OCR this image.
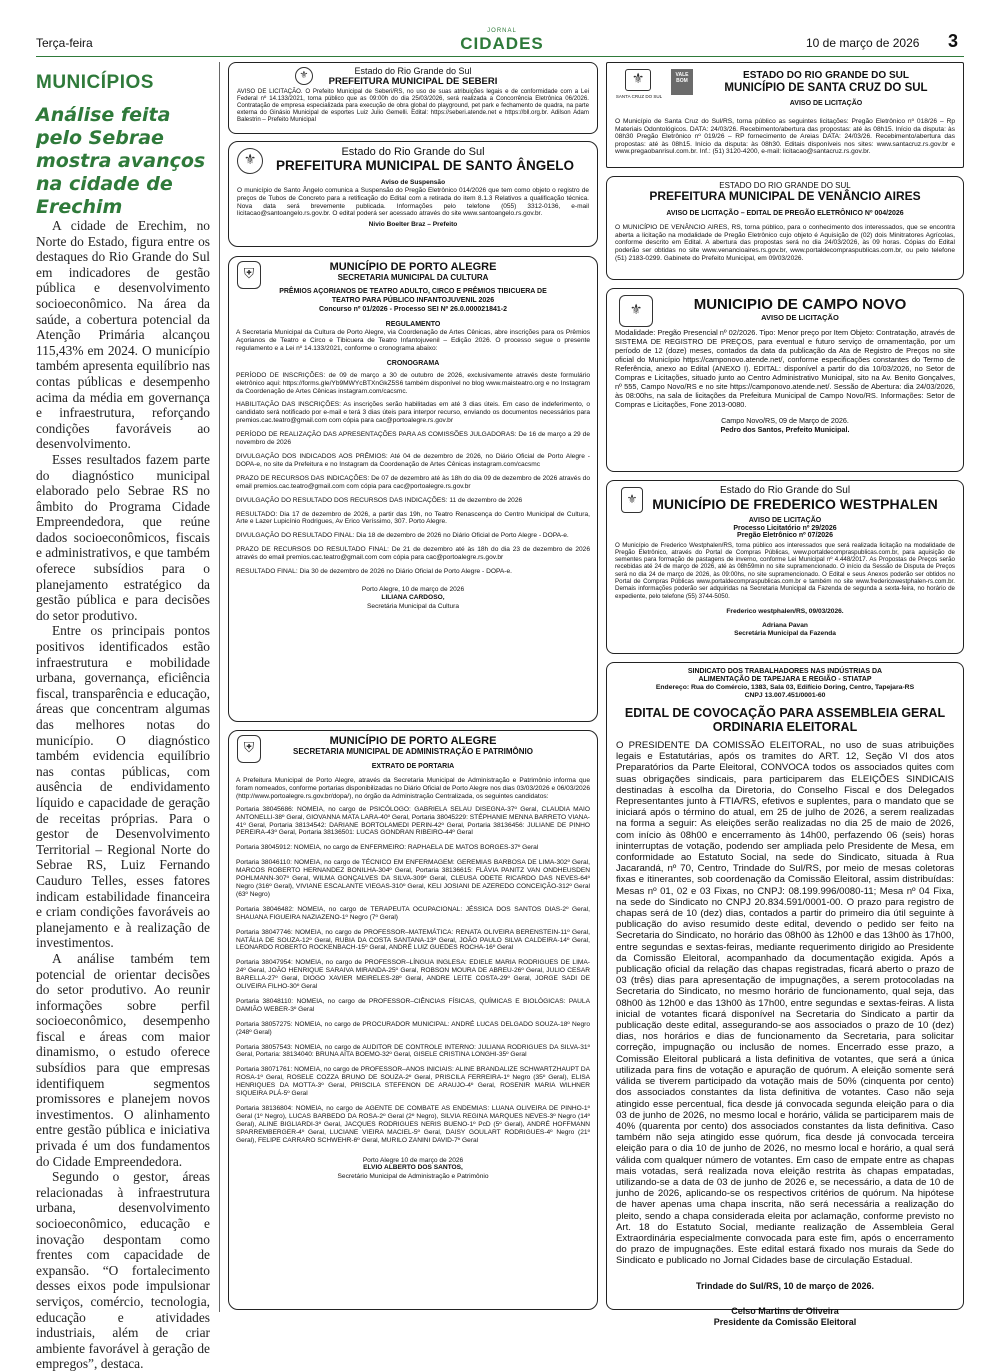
Terça-feira
JORNAL
CIDADES	10 de março de 2026 3
MUNICÍPIOS
Análise feita pelo Sebrae mostra avanços na cidade de Erechim

A cidade de Erechim, no Norte do Estado, figura entre os destaques do Rio Grande do Sul em indicadores de gestão pública e desenvolvimento socioeconômico. Na área da saúde, a cobertura potencial da Atenção Primária alcançou 115,43% em 2024. O município também apresenta equilíbrio nas contas públicas e desempenho acima da média em governança e infraestrutura, reforçando condições favoráveis ao desenvolvimento.

Esses resultados fazem parte do diagnóstico municipal elaborado pelo Sebrae RS no âmbito do Programa Cidade Empreendedora, que reúne dados socioeconômicos, fiscais e administrativos, e que também oferece subsídios para o planejamento estratégico da gestão pública e para decisões do setor produtivo.

Entre os principais pontos positivos identificados estão infraestrutura e mobilidade urbana, governança, eficiência fiscal, transparência e educação, áreas que concentram algumas das melhores notas do município. O diagnóstico também evidencia equilíbrio nas contas públicas, com ausência de endividamento líquido e capacidade de geração de receitas próprias. Para o gestor de Desenvolvimento Territorial – Regional Norte do Sebrae RS, Luiz Fernando Cauduro Telles, esses fatores indicam estabilidade financeira e criam condições favoráveis ao planejamento e à realização de investimentos.

A análise também tem potencial de orientar decisões do setor produtivo. Ao reunir informações sobre perfil socioeconômico, desempenho fiscal e áreas com maior dinamismo, o estudo oferece subsídios para que empresas identifiquem segmentos promissores e planejem novos investimentos. O alinhamento entre gestão pública e iniciativa privada é um dos fundamentos do Cidade Empreendedora.

Segundo o gestor, áreas relacionadas à infraestrutura urbana, desenvolvimento socioeconômico, educação e inovação despontam como frentes com capacidade de expansão. “O fortalecimento desses eixos pode impulsionar serviços, comércio, tecnologia, educação e atividades industriais, além de criar ambiente favorável à geração de empregos”, destaca.

⚜	Estado do Rio Grande do Sul
PREFEITURA MUNICIPAL DE SEBERI
AVISO DE LICITAÇÃO. O Prefeito Municipal de Seberi/RS, no uso de suas atribuições legais e de conformidade com a Lei Federal nº 14.133/2021, torna público que as 09:00h do dia 25/03/2026, será realizada a Concorrência Eletrônica 06/2026. Contratação de empresa especializada para execução de obra global do playground, pet park e fechamento de quadra, na parte externa do Ginásio Municipal de esportes Luiz Julio Gemelli. Edital: https://seberi.atende.net e https://bll.org.br. Adilson Adam Balestrin – Prefeito Municipal
⚜
Estado do Rio Grande do Sul
PREFEITURA MUNICIPAL DE SANTO ÂNGELO
Aviso de Suspensão
O município de Santo Ângelo comunica a Suspensão do Pregão Eletrônico 014/2026 que tem como objeto o registro de preços de Tubos de Concreto para a retificação do Edital com a retirada do item 8.1.3 Relativos a qualificação técnica. Nova data será brevemente publicada. Informações pelo telefone (055) 3312-0136, e-mail licitacao@santoangelo.rs.gov.br. O edital poderá ser acessado através do site www.santoangelo.rs.gov.br.
Nivio Boelter Braz – Prefeito
⛨	MUNICÍPIO DE PORTO ALEGRE
SECRETARIA MUNICIPAL DA CULTURA
PRÊMIOS AÇORIANOS DE TEATRO ADULTO, CIRCO E PRÊMIOS TIBICUERA DE TEATRO PARA PÚBLICO INFANTOJUVENIL 2026
Concurso nº 01/2026 - Processo SEI Nº 26.0.000021841-2
REGULAMENTO
A Secretaria Municipal da Cultura de Porto Alegre, via Coordenação de Artes Cênicas, abre inscrições para os Prêmios Açorianos de Teatro e Circo e Tibicuera de Teatro Infantojuvenil – Edição 2026. O processo segue o presente regulamento e a Lei nº 14.133/2021, conforme o cronograma abaixo:
CRONOGRAMA
PERÍODO DE INSCRIÇÕES: de 09 de março a 30 de outubro de 2026, exclusivamente através deste formulário eletrônico aqui: https://forms.gle/Yb9MWYcBTXnGkZ5S6 também disponível no blog www.maisteatro.org e no Instagram da Coordenação de Artes Cênicas instagram.com/cacsmc.
HABILITAÇÃO DAS INSCRIÇÕES: As inscrições serão habilitadas em até 3 dias úteis. Em caso de indeferimento, o candidato será notificado por e-mail e terá 3 dias úteis para interpor recurso, enviando os documentos necessários para premios.cac.teatro@gmail.com com cópia para cac@portoalegre.rs.gov.br
PERÍODO DE REALIZAÇÃO DAS APRESENTAÇÕES PARA AS COMISSÕES JULGADORAS: De 16 de março a 29 de novembro de 2026
DIVULGAÇÃO DOS INDICADOS AOS PRÊMIOS: Até 04 de dezembro de 2026, no Diário Oficial de Porto Alegre - DOPA-e, no site da Prefeitura e no Instagram da Coordenação de Artes Cênicas instagram.com/cacsmc
PRAZO DE RECURSOS DAS INDICAÇÕES: De 07 de dezembro até às 18h do dia 09 de dezembro de 2026 através do email premios.cac.teatro@gmail.com com cópia para cac@portoalegre.rs.gov.br
DIVULGAÇÃO DO RESULTADO DOS RECURSOS DAS INDICAÇÕES: 11 de dezembro de 2026
RESULTADO: Dia 17 de dezembro de 2026, a partir das 19h, no Teatro Renascença do Centro Municipal de Cultura, Arte e Lazer Lupicínio Rodrigues, Av Erico Veríssimo, 307. Porto Alegre.
DIVULGAÇÃO DO RESULTADO FINAL: Dia 18 de dezembro de 2026 no Diário Oficial de Porto Alegre - DOPA-e.
PRAZO DE RECURSOS DO RESULTADO FINAL: De 21 de dezembro até às 18h do dia 23 de dezembro de 2026 através do email premios.cac.teatro@gmail.com com cópia para cac@portoalegre.rs.gov.br
RESULTADO FINAL: Dia 30 de dezembro de 2026 no Diário Oficial de Porto Alegre - DOPA-e.
Porto Alegre, 10 de março de 2026
LILIANA CARDOSO,
Secretária Municipal da Cultura
⛨	MUNICÍPIO DE PORTO ALEGRE
SECRETARIA MUNICIPAL DE ADMINISTRAÇÃO E PATRIMÔNIO
EXTRATO DE PORTARIA
A Prefeitura Municipal de Porto Alegre, através da Secretaria Municipal de Administração e Patrimônio informa que foram nomeados, conforme portarias disponibilizadas no Diário Oficial de Porto Alegre nos dias 03/03/2026 e 06/03/2026 (http://www.portoalegre.rs.gov.br/dopa/), no órgão da Administração Centralizada, os seguintes candidatos:
Portaria 38045686: NOMEIA, no cargo de PSICÓLOGO: GABRIELA SELAU DISEGNA-37º Geral, CLAUDIA MAIO ANTONELLI-38º Geral, GIOVANNA MATA LARA-40º Geral, Portaria 38045229: STÉPHANIE MENNA BARRETO VIANA-41º Geral, Portaria 38134542: DARIANE BORTOLAMEDI PERIN-42º Geral, Portaria 38136456: JULIANE DE PINHO PEREIRA-43º Geral, Portaria 38136501: LUCAS GONDRAN RIBEIRO-44º Geral
Portaria 38045912: NOMEIA, no cargo de ENFERMEIRO: RAPHAELA DE MATOS BORGES-37º Geral
Portaria 38046110: NOMEIA, no cargo de TÉCNICO EM ENFERMAGEM: GEREMIAS BARBOSA DE LIMA-302º Geral, MARCOS ROBERTO HERNANDEZ BONILHA-304º Geral, Portaria 38136615: FLÁVIA PANITZ VAN ONDHEUSDEN POHLMANN-307º Geral, WILMA GONÇALVES DA SILVA-309º Geral, CLEUSA ODETE RICARDO DAS NEVES-64º Negro (316º Geral), VIVIANE ESCALANTE VIEGAS-310º Geral, KELI JOSIANI DE AZEREDO CONCEIÇÃO-312º Geral (63º Negro)
Portaria 38046482: NOMEIA, no cargo de TERAPEUTA OCUPACIONAL: JÉSSICA DOS SANTOS DIAS-2º Geral, SHAUANA FIGUEIRA NAZIAZENO-1º Negro (7º Geral)
Portaria 38047746: NOMEIA, no cargo de PROFESSOR–MATEMÁTICA: RENATA OLIVEIRA BERENSTEIN-11º Geral, NATÁLIA DE SOUZA-12º Geral, RUBIA DA COSTA SANTANA-13º Geral, JOÃO PAULO SILVA CALDEIRA-14º Geral, LEONARDO ROBERTO ROCKENBACH-15º Geral, ANDRÉ LUIZ GUEDES ROCHA-16º Geral
Portaria 38047954: NOMEIA, no cargo de PROFESSOR–LÍNGUA INGLESA: EDIELE MARIA RODRIGUES DE LIMA-24º Geral, JOÃO HENRIQUE SARAIVA MIRANDA-25º Geral, ROBSON MOURA DE ABREU-26º Geral, JULIO CESAR BARELLA-27º Geral, DIOGO XAVIER MEIRELES-28º Geral, ANDRE LEITE COSTA-29º Geral, JORGE SADI DE OLIVEIRA FILHO-30º Geral
Portaria 38048110: NOMEIA, no cargo de PROFESSOR–CIÊNCIAS FÍSICAS, QUÍMICAS E BIOLÓGICAS: PAULA DAMIÃO WEBER-3º Geral
Portaria 38057275: NOMEIA, no cargo de PROCURADOR MUNICIPAL: ANDRÉ LUCAS DELGADO SOUZA-18º Negro (248º Geral)
Portaria 38057543: NOMEIA, no cargo de AUDITOR DE CONTROLE INTERNO: JULIANA RODRIGUES DA SILVA-31º Geral, Portaria: 38134040: BRUNA AITA BOEMO-32º Geral, GISELE CRISTINA LONGHI-35º Geral
Portaria 38071761: NOMEIA, no cargo de PROFESSOR–ANOS INICIAIS: ALINE BRANDALIZE SCHWARTZHAUPT DA ROSA-1º Geral, ROSELE COZZA BRUNO DE SOUZA-2º Geral, PRISCILA FERREIRA-1º Negro (35º Geral), ELISA HENRIQUES DA MOTTA-3º Geral, PRISCILA STEFENON DE ARAUJO-4º Geral, ROSENIR MARIA WILHNER SIQUEIRA PLÁ-5º Geral
Portaria 38136804: NOMEIA, no cargo de AGENTE DE COMBATE AS ENDEMIAS: LUANA OLIVEIRA DE PINHO-1º Geral (1º Negro), LUCAS BARBEDO DA ROSA-2º Geral (2º Negro), SILVIA REGINA MARQUES NEVES-3º Negro (14º Geral), ALINE BIGLIARDI-3º Geral, JACQUES RODRIGUES NERIS BUENO-1º PcD (5º Geral), ANDRÉ HOFFMANN SPARREMBERGER-4º Geral, LUCIANE VIEIRA MACIEL-5º Geral, DAISY GOULART RODRIGUES-4º Negro (21º Geral), FELIPE CARRARO SCHWEHR-6º Geral, MURILO ZANINI DAVID-7º Geral
Porto Alegre 10 de março de 2026
ELVIO ALBERTO DOS SANTOS,
Secretário Municipal de Administração e Patrimônio
⚜
SANTA CRUZ DO SUL
VALE BOM	ESTADO DO RIO GRANDE DO SUL
MUNICÍPIO DE SANTA CRUZ DO SUL
AVISO DE LICITAÇÃO
O Município de Santa Cruz do Sul/RS, torna público as seguintes licitações: Pregão Eletrônico nº 018/26 – Rp Materiais Odontológicos. DATA: 24/03/26. Recebimento/abertura das propostas: até às 08h15. Início da disputa: às 08h30 Pregão Eletrônico nº 019/26 – RP fornecimento de Areias DATA: 24/03/26. Recebimento/abertura das propostas: até às 08h15. Início da disputa: às 08h30. Editais disponíveis nos sites: www.santacruz.rs.gov.br e www.pregaobanrisul.com.br. Inf.: (51) 3120-4200, e-mail: licitacao@santacruz.rs.gov.br.
ESTADO DO RIO GRANDE DO SUL
PREFEITURA MUNICIPAL DE VENÂNCIO AIRES
AVISO DE LICITAÇÃO – EDITAL DE PREGÃO ELETRÔNICO Nº 004/2026
O MUNICÍPIO DE VENÂNCIO AIRES, RS, torna público, para o conhecimento dos interessados, que se encontra aberta a licitação na modalidade de Pregão Eletrônico cujo objeto é Aquisição de (02) dois Minitratores Agrícolas, conforme descrito em Edital. A abertura das propostas será no dia 24/03/2026, às 09 horas. Cópias do Edital poderão ser obtidas no site www.venancioaires.rs.gov.br, www.portaldecompraspublicas.com.br, ou pelo telefone (51) 2183-0299. Gabinete do Prefeito Municipal, em 09/03/2026.
⚜	MUNICIPIO DE CAMPO NOVO
AVISO DE LICITAÇÃO
Modalidade: Pregão Presencial nº 02/2026. Tipo: Menor preço por Item Objeto: Contratação, através de SISTEMA DE REGISTRO DE PREÇOS, para eventual e futuro serviço de ornamentação, por um período de 12 (doze) meses, contados da data da publicação da Ata de Registro de Preços no site oficial do Município https://camponovo.atende.net/, conforme especificações constantes do Termo de Referência, anexo ao Edital (ANEXO I). EDITAL: disponível a partir do dia 10/03/2026, no Setor de Compras e Licitações, situado junto ao Centro Administrativo Municipal, sito na Av. Benito Gonçalves, nº 555, Campo Novo/RS e no site https://camponovo.atende.net/. Sessão de Abertura: dia 24/03/2026, às 08:00hs, na sala de licitações da Prefeitura Municipal de Campo Novo/RS. Informações: Setor de Compras e Licitações, Fone 2013-0080.
Campo Novo/RS, 09 de Março de 2026.
Pedro dos Santos, Prefeito Municipal.
⚜
Estado do Rio Grande do Sul
MUNICÍPIO DE FREDERICO WESTPHALEN
AVISO DE LICITAÇÃO
Processo Licitatório nº 29/2026
Pregão Eletrônico nº 07/2026
O Município de Frederico Westphalen/RS, torna público aos interessados que será realizada licitação na modalidade de Pregão Eletrônico, através do Portal de Compras Públicas, www.portaldecompraspublicas.com.br, para aquisição de sementes para formação de pastagens de inverno, conforme Lei Municipal nº 4.448/2017. As Propostas de Preços serão recebidas até 24 de março de 2026, até às 08h59min no site supramencionado. O início da Sessão de Disputa de Preços será no dia 24 de março de 2026, às 09:00hs, no site supramencionado. O Edital e seus Anexos poderão ser obtidos no Portal de Compras Públicas www.portaldecompraspublicas.com.br e também no site www.fredericowestphalen-rs.com.br. Demais informações poderão ser adquiridas na Secretaria Municipal da Fazenda de segunda a sexta-feira, no horário de expediente, pelo telefone (55) 3744-5050.
Frederico westphalen/RS, 09/03/2026.
Adriana Pavan
Secretária Municipal da Fazenda
SINDICATO DOS TRABALHADORES NAS INDÚSTRIAS DA
ALIMENTAÇÃO DE TAPEJARA E REGIÃO - STIATAP
Endereço: Rua do Comércio, 1383, Sala 03, Edifício Doring, Centro, Tapejara-RS
CNPJ 13.007.451/0001-60
EDITAL DE COVOCAÇÃO PARA ASSEMBLEIA GERAL
ORDINARIA ELEITORAL
O PRESIDENTE DA COMISSÃO ELEITORAL, no uso de suas atribuições legais e Estatutárias, após os tramites do ART. 12, Seção VI dos atos Preparatórios da Parte Eleitoral, CONVOCA todos os associados quites com suas obrigações sindicais, para participarem das ELEIÇÕES SINDICAIS destinadas à escolha da Diretoria, do Conselho Fiscal e dos Delegados Representantes junto à FTIA/RS, efetivos e suplentes, para o mandato que se iniciará após o término do atual, em 25 de julho de 2026, a serem realizadas na forma a seguir: As eleições serão realizadas no dia 25 de maio de 2026, com início às 08h00 e encerramento às 14h00, perfazendo 06 (seis) horas ininterruptas de votação, podendo ser ampliada pelo Presidente de Mesa, em conformidade ao Estatuto Social, na sede do Sindicato, situada à Rua Jacarandá, nº 70, Centro, Trindade do Sul/RS, por meio de mesas coletoras fixas e itinerantes, sob coordenação da Comissão Eleitoral, assim distribuídas: Mesas nº 01, 02 e 03 Fixas, no CNPJ: 08.199.996/0080-11; Mesa nº 04 Fixa, na sede do Sindicato no CNPJ 20.834.591/0001-00. O prazo para registro de chapas será de 10 (dez) dias, contados a partir do primeiro dia útil seguinte à publicação do aviso resumido deste edital, devendo o pedido ser feito na Secretaria do Sindicato, no horário das 08h00 às 12h00 e das 13h00 às 17h00, entre segundas e sextas-feiras, mediante requerimento dirigido ao Presidente da Comissão Eleitoral, acompanhado da documentação exigida. Após a publicação oficial da relação das chapas registradas, ficará aberto o prazo de 03 (três) dias para apresentação de impugnações, a serem protocoladas na Secretaria do Sindicato, no mesmo horário de funcionamento, qual seja, das 08h00 às 12h00 e das 13h00 às 17h00, entre segundas e sextas-feiras. A lista inicial de votantes ficará disponível na Secretaria do Sindicato a partir da publicação deste edital, assegurando-se aos associados o prazo de 10 (dez) dias, nos horários e dias de funcionamento da Secretaria, para solicitar correção, impugnação ou inclusão de nomes. Encerrado esse prazo, a Comissão Eleitoral publicará a lista definitiva de votantes, que será a única utilizada para fins de votação e apuração de quórum. A eleição somente será válida se tiverem participado da votação mais de 50% (cinquenta por cento) dos associados constantes da lista definitiva de votantes. Caso não seja atingido esse percentual, fica desde já convocada segunda eleição para o dia 03 de junho de 2026, no mesmo local e horário, válida se participarem mais de 40% (quarenta por cento) dos associados constantes da lista definitiva. Caso também não seja atingido esse quórum, fica desde já convocada terceira eleição para o dia 10 de junho de 2026, no mesmo local e horário, a qual será válida com qualquer número de votantes. Em caso de empate entre as chapas mais votadas, será realizada nova eleição restrita às chapas empatadas, utilizando-se a data de 03 de junho de 2026 e, se necessário, a data de 10 de junho de 2026, aplicando-se os respectivos critérios de quórum. Na hipótese de haver apenas uma chapa inscrita, não será necessária a realização do pleito, sendo a chapa considerada eleita por aclamação, conforme previsto no Art. 18 do Estatuto Social, mediante realização de Assembleia Geral Extraordinária especialmente convocada para este fim, após o encerramento do prazo de impugnações. Este edital estará fixado nos murais da Sede do Sindicato e publicado no Jornal Cidades base de circulação Estadual.
Trindade do Sul/RS, 10 de março de 2026.
Celso Martins de Oliveira
Presidente da Comissão Eleitoral
